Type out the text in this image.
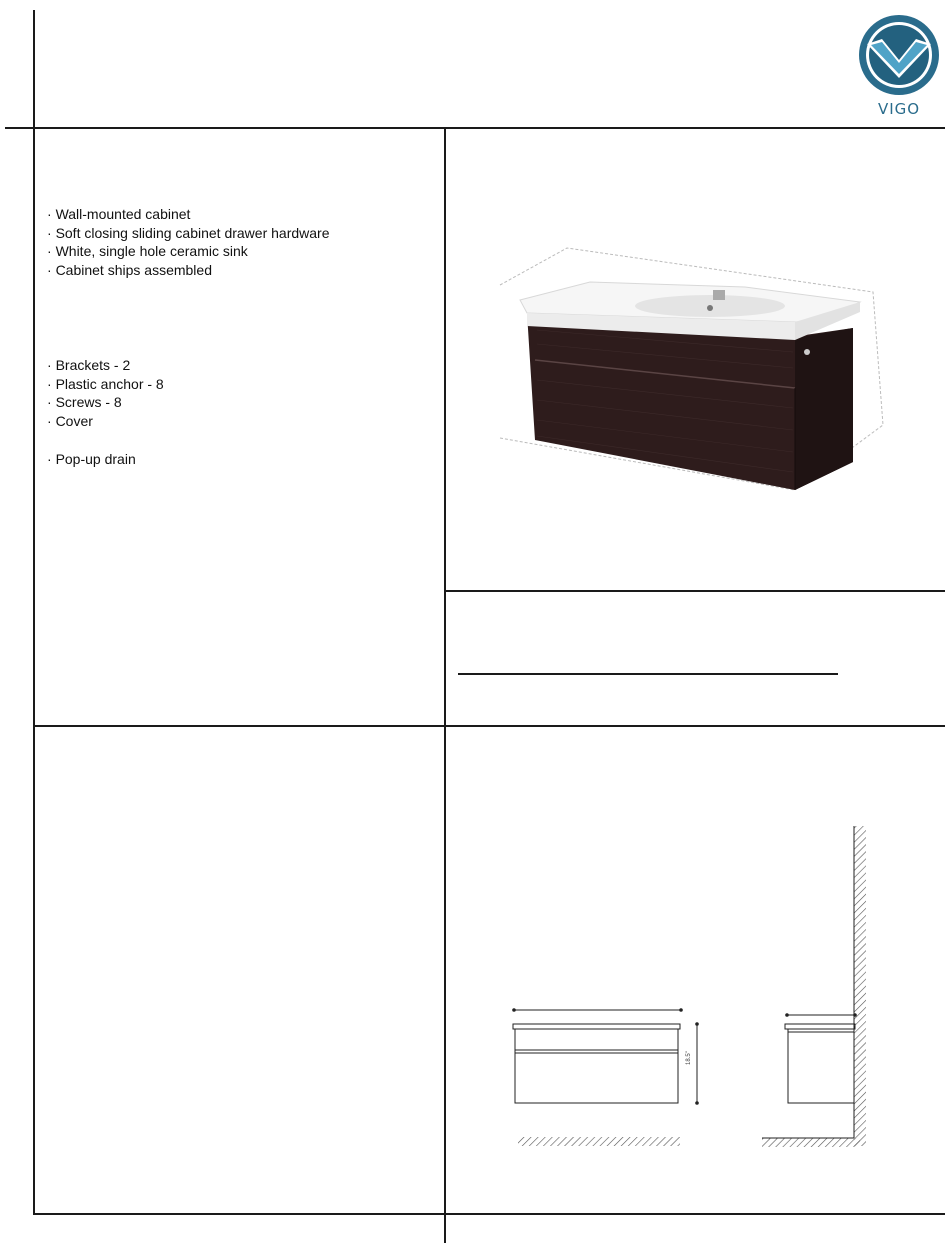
VIGO
· Wall-mounted cabinet
· Soft closing sliding cabinet drawer hardware
· White, single hole ceramic sink
· Cabinet ships assembled
· Brackets - 2
· Plastic anchor - 8
· Screws - 8
· Cover
· Pop-up drain
18.5"
